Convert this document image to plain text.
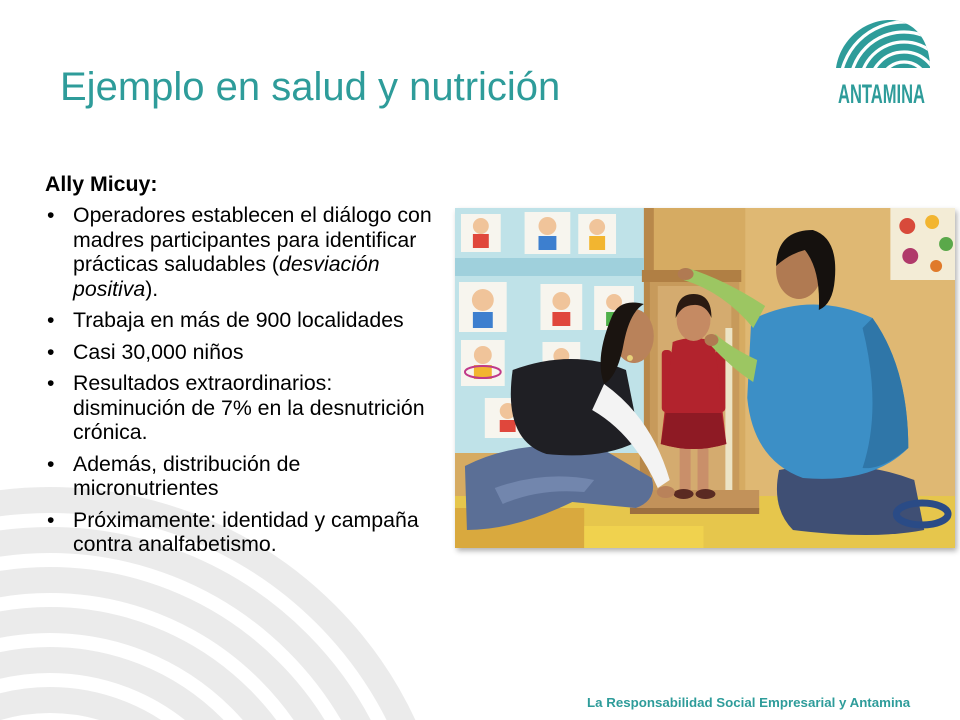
Ejemplo en salud y nutrición	ANTAMINA
Ally Micuy:
• Operadores establecen el diálogo con madres participantes para identificar prácticas saludables (desviación positiva).
• Trabaja en más de 900 localidades
• Casi 30,000 niños
• Resultados extraordinarios: disminución de 7% en la desnutrición crónica.
• Además, distribución de micronutrientes
• Próximamente: identidad y campaña contra analfabetismo.
La Responsabilidad Social Empresarial y Antamina
